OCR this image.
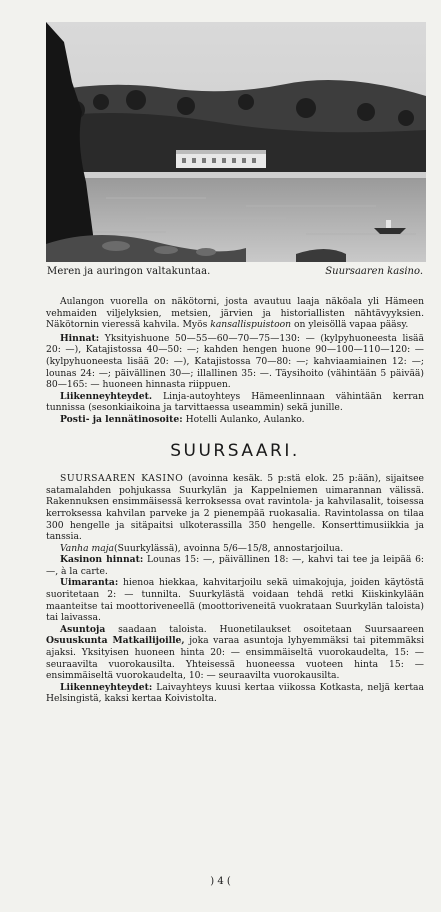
Meren ja auringon valtakuntaa.	Suursaaren kasino.

Aulangon vuorella on näkötorni, josta avautuu laaja näköala yli Hämeen vehmaiden viljelyksien, metsien, järvien ja historiallisten nähtävyyksien. Näkötornin vieressä kahvila. Myös kansallispuistoon on yleisöllä vapaa pääsy.

Hinnat: Yksityishuone 50—55—60—70—75—130: — (kylpyhuoneesta lisää 20: —), Katajistossa 40—50: —; kahden hengen huone 90—100—110—120: — (kylpyhuoneesta lisää 20: —), Katajistossa 70—80: —; kahviaamiainen 12: —; lounas 24: —; päivällinen 30—; illallinen 35: —. Täysihoito (vähintään 5 päivää) 80—165: — huoneen hinnasta riippuen.

Liikenneyhteydet. Linja-autoyhteys Hämeenlinnaan vähintään kerran tunnissa (sesonkiaikoina ja tarvittaessa useammin) sekä junille.

Posti- ja lennätinosoite: Hotelli Aulanko, Aulanko.

SUURSAARI.

SUURSAAREN KASINO (avoinna kesäk. 5 p:stä elok. 25 p:ään), sijaitsee satamalahden pohjukassa Suurkylän ja Kappelniemen uimarannan välissä. Rakennuksen ensimmäisessä kerroksessa ovat ravintola- ja kahvilasalit, toisessa kerroksessa kahvilan parveke ja 2 pienempää ruokasalia. Ravintolassa on tilaa 300 hengelle ja sitäpaitsi ulkoterassilla 350 hengelle. Konserttimusiikkia ja tanssia.

Vanha maja(Suurkylässä), avoinna 5/6—15/8, annostarjoilua.

Kasinon hinnat: Lounas 15: —, päivällinen 18: —, kahvi tai tee ja leipää 6: —, à la carte.

Uimaranta: hienoa hiekkaa, kahvitarjoilu sekä uimakojuja, joiden käytöstä suoritetaan 2: — tunnilta. Suurkylästä voidaan tehdä retki Kiiskinkylään maanteitse tai moottoriveneellä (moottoriveneitä vuokrataan Suurkylän taloista) tai laivassa.

Asuntoja saadaan taloista. Huonetilaukset osoitetaan Suursaareen Osuuskunta Matkailijoille, joka varaa asuntoja lyhyemmäksi tai pitemmäksi ajaksi. Yksityisen huoneen hinta 20: — ensimmäiseltä vuorokaudelta, 15: — seuraavilta vuorokausilta. Yhteisessä huoneessa vuoteen hinta 15: — ensimmäiseltä vuorokaudelta, 10: — seuraavilta vuorokausilta.

Liikenneyhteydet: Laivayhteys kuusi kertaa viikossa Kotkasta, neljä kertaa Helsingistä, kaksi kertaa Koivistolta.

) 4 (
